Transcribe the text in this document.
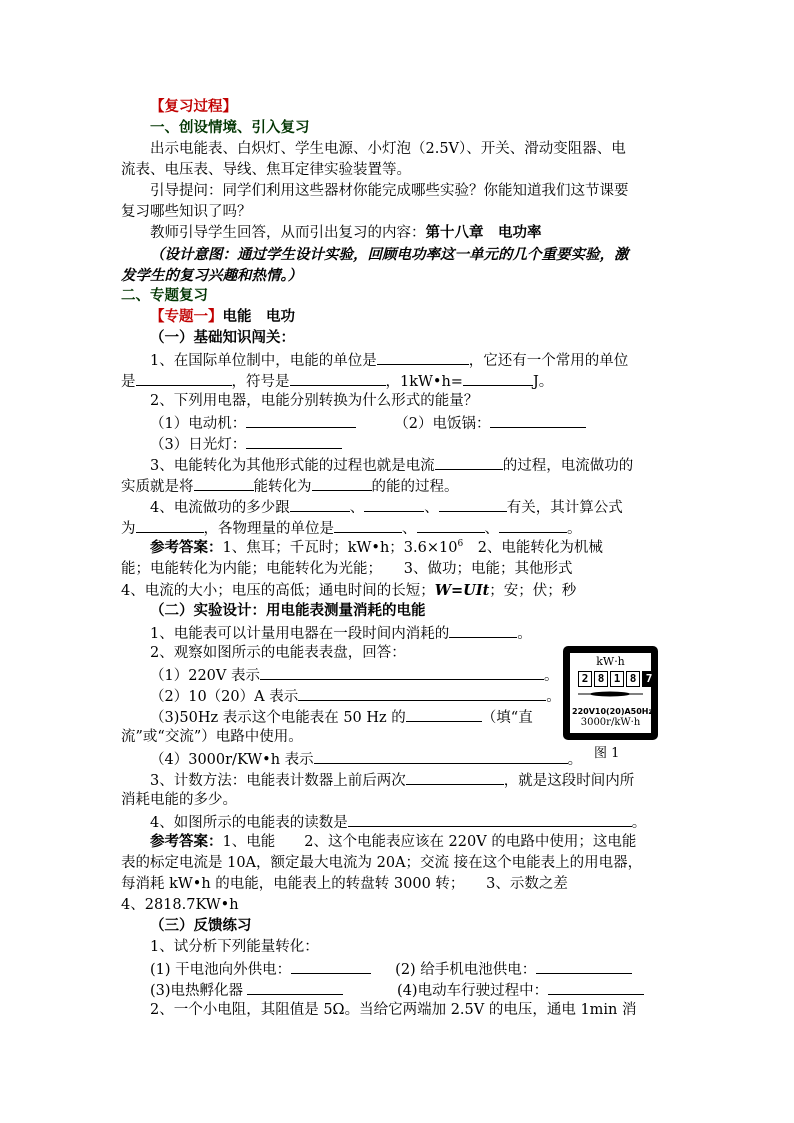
【复习过程】
一、创设情境、引入复习
出示电能表、白炽灯、学生电源、小灯泡（2.5V）、开关、滑动变阻器、电
流表、电压表、导线、焦耳定律实验装置等。
引导提问：同学们利用这些器材你能完成哪些实验？你能知道我们这节课要
复习哪些知识了吗？
教师引导学生回答，从而引出复习的内容：第十八章　电功率
（设计意图：通过学生设计实验，回顾电功率这一单元的几个重要实验，激
发学生的复习兴趣和热情。）
二、专题复习
【专题一】电能　电功
（一）基础知识闯关：
1、在国际单位制中，电能的单位是	，它还有一个常用的单位
是	，符号是	，1kW•h=	J。
2、下列用电器，电能分别转换为什么形式的能量？
（1）电动机：	（2）电饭锅：
（3）日光灯：
3、电能转化为其他形式能的过程也就是电流	的过程，电流做功的
实质就是将	能转化为	的能的过程。
4、电流做功的多少跟	、	、	有关，其计算公式
为	，各物理量的单位是	、	、	。
参考答案：1、焦耳；千瓦时；kW•h；$3.6\times 10^6$　2、电能转化为机械
能；电能转化为内能；电能转化为光能；　　3、做功；电能；其他形式
4、电流的大小；电压的高低；通电时间的长短；W=UIt；安；伏；秒
（二）实验设计：用电能表测量消耗的电能
1、电能表可以计量用电器在一段时间内消耗的	。
2、观察如图所示的电能表表盘，回答：
（1）220V 表示	。
（2）10（20）A 表示	。
（3)50Hz 表示这个电能表在 50 Hz 的	（填“直
流”或“交流”）电路中使用。
（4）3000r/KW•h 表示	。
3、计数方法：电能表计数器上前后两次	，就是这段时间内所
消耗电能的多少。
4、如图所示的电能表的读数是	。
参考答案：1、电能　　2、这个电能表应该在 220V 的电路中使用；这电能
表的标定电流是 10A，额定最大电流为 20A；交流 接在这个电能表上的用电器，
每消耗 kW•h 的电能，电能表上的转盘转 3000 转；　　3、示数之差
4、2818.7KW•h
（三）反馈练习
1、试分析下列能量转化：
(1) 干电池向外供电：	(2) 给手机电池供电：
(3)电热孵化器	(4)电动车行驶过程中：
2、一个小电阻，其阻值是 5Ω。当给它两端加 2.5V 的电压，通电 1min 消
kW·h
2 8 1 8 7
220V10(20)A50Hz
3000r/kW·h
图 1
